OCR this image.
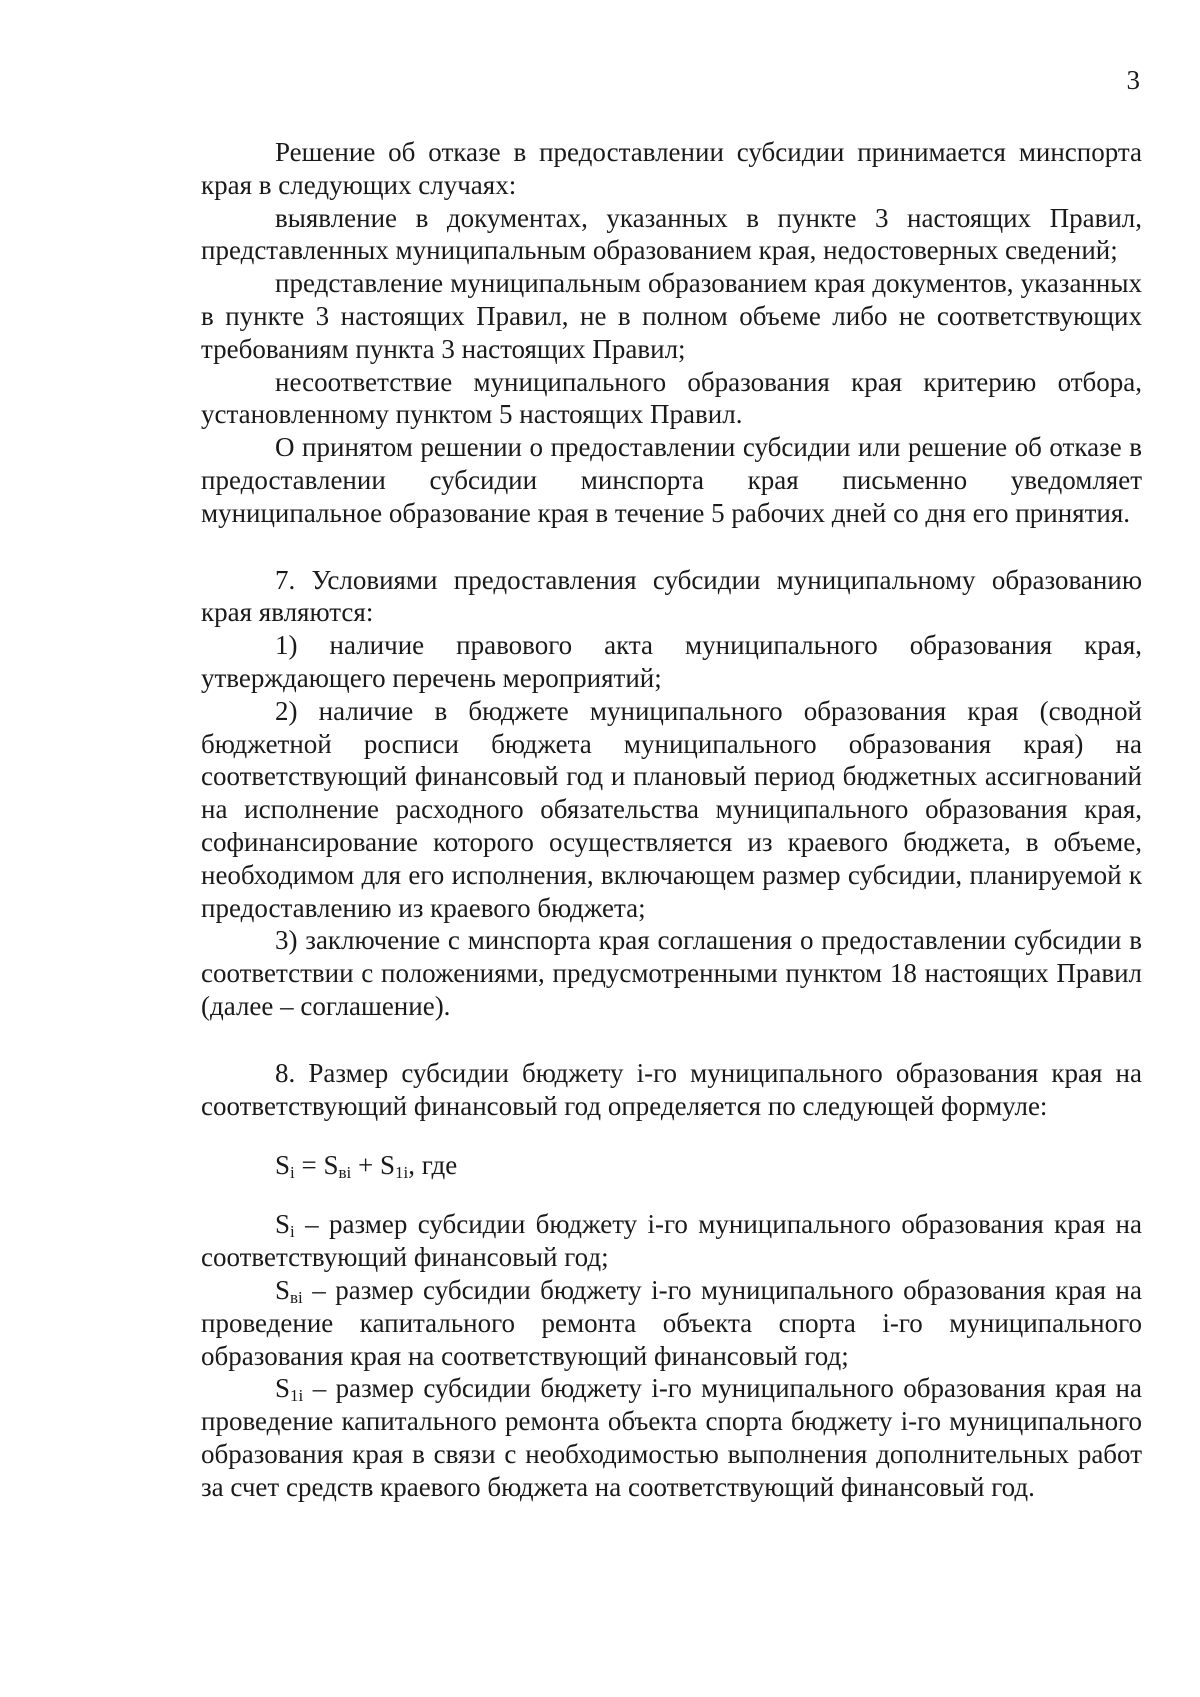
3

Решение об отказе в предоставлении субсидии принимается минспорта края в следующих случаях:

выявление в документах, указанных в пункте 3 настоящих Правил, представленных муниципальным образованием края, недостоверных сведений;

представление муниципальным образованием края документов, указанных в пункте 3 настоящих Правил, не в полном объеме либо не соответствующих требованиям пункта 3 настоящих Правил;

несоответствие муниципального образования края критерию отбора, установленному пунктом 5 настоящих Правил.

О принятом решении о предоставлении субсидии или решение об отказе в предоставлении субсидии минспорта края письменно уведомляет муниципальное образование края в течение 5 рабочих дней со дня его принятия.

7. Условиями предоставления субсидии муниципальному образованию края являются:

1) наличие правового акта муниципального образования края, утверждающего перечень мероприятий;

2) наличие в бюджете муниципального образования края (сводной бюджетной росписи бюджета муниципального образования края) на соответствующий финансовый год и плановый период бюджетных ассигнований на исполнение расходного обязательства муниципального образования края, софинансирование которого осуществляется из краевого бюджета, в объеме, необходимом для его исполнения, включающем размер субсидии, планируемой к предоставлению из краевого бюджета;

3) заключение с минспорта края соглашения о предоставлении субсидии в соответствии с положениями, предусмотренными пунктом 18 настоящих Правил (далее – соглашение).

8. Размер субсидии бюджету i-го муниципального образования края на соответствующий финансовый год определяется по следующей формуле:

$S_i = S_{вi} + S_{1i}$, где

$S_i$ – размер субсидии бюджету i-го муниципального образования края на соответствующий финансовый год;

$S_{вi}$ – размер субсидии бюджету i-го муниципального образования края на проведение капитального ремонта объекта спорта i-го муниципального образования края на соответствующий финансовый год;

$S_{1i}$ – размер субсидии бюджету i-го муниципального образования края на проведение капитального ремонта объекта спорта бюджету i-го муниципального образования края в связи с необходимостью выполнения дополнительных работ за счет средств краевого бюджета на соответствующий финансовый год.
